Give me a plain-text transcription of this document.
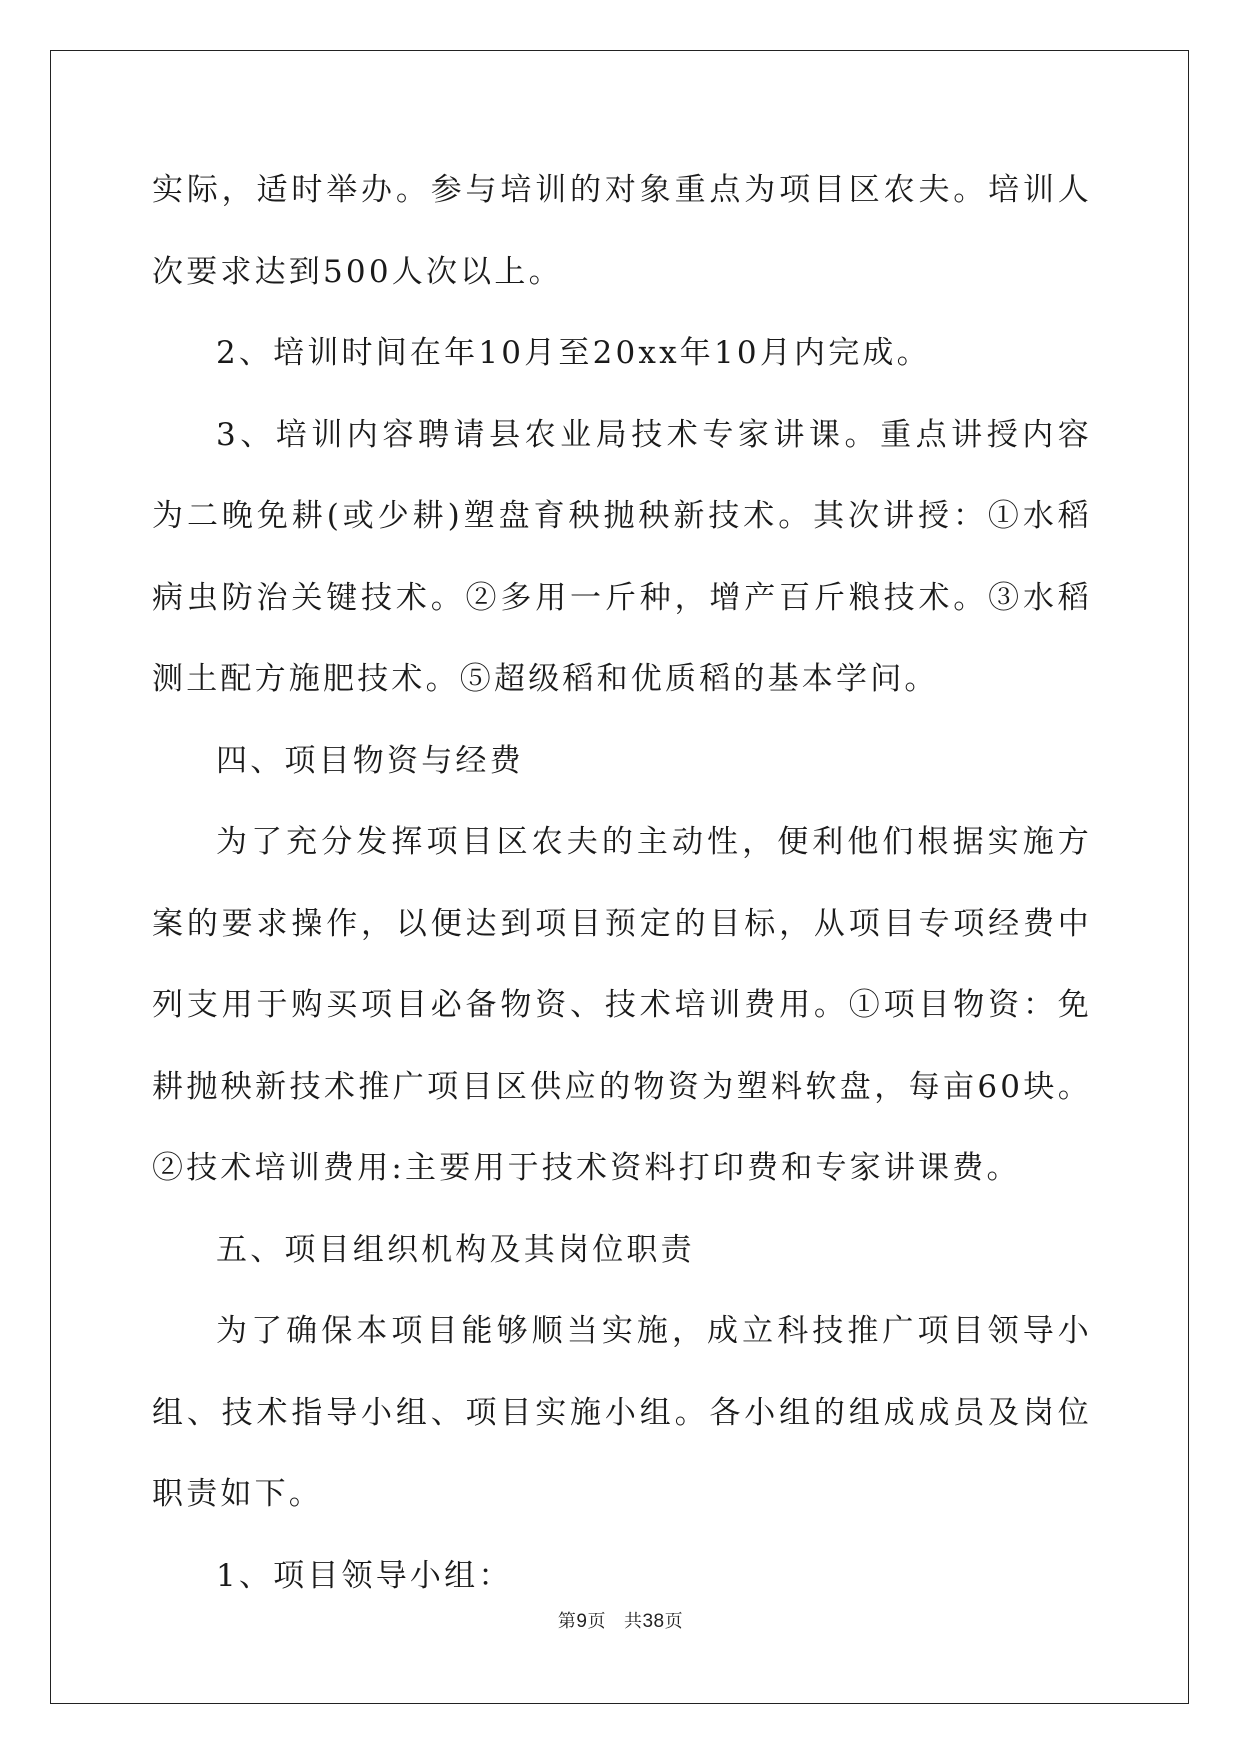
实际，适时举办。参与培训的对象重点为项目区农夫。培训人次要求达到500人次以上。

2、培训时间在年10月至20xx年10月内完成。

3、培训内容聘请县农业局技术专家讲课。重点讲授内容为二晚免耕(或少耕)塑盘育秧抛秧新技术。其次讲授：①水稻病虫防治关键技术。②多用一斤种，增产百斤粮技术。③水稻测土配方施肥技术。⑤超级稻和优质稻的基本学问。

四、项目物资与经费

为了充分发挥项目区农夫的主动性，便利他们根据实施方案的要求操作，以便达到项目预定的目标，从项目专项经费中列支用于购买项目必备物资、技术培训费用。①项目物资：免耕抛秧新技术推广项目区供应的物资为塑料软盘，每亩60块。②技术培训费用:主要用于技术资料打印费和专家讲课费。

五、项目组织机构及其岗位职责

为了确保本项目能够顺当实施，成立科技推广项目领导小组、技术指导小组、项目实施小组。各小组的组成成员及岗位职责如下。

1、项目领导小组：

第9页 共38页
